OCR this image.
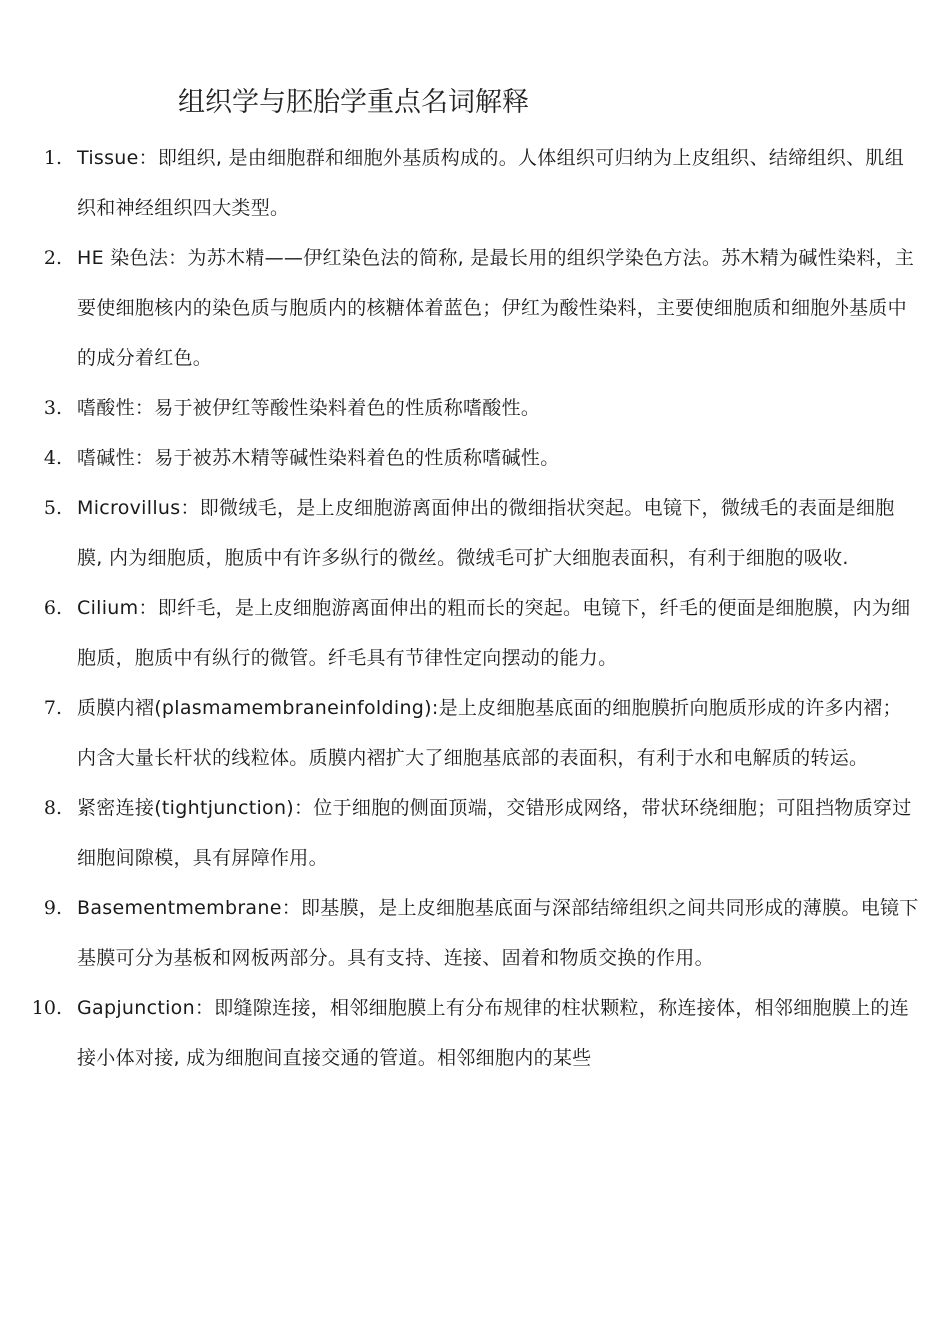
组织学与胚胎学重点名词解释
1. Tissue：即组织, 是由细胞群和细胞外基质构成的。人体组织可归纳为上皮组织、结缔组织、肌组织和神经组织四大类型。
2. HE 染色法：为苏木精——伊红染色法的简称, 是最长用的组织学染色方法。苏木精为碱性染料，主要使细胞核内的染色质与胞质内的核糖体着蓝色；伊红为酸性染料，主要使细胞质和细胞外基质中的成分着红色。
3. 嗜酸性：易于被伊红等酸性染料着色的性质称嗜酸性。
4. 嗜碱性：易于被苏木精等碱性染料着色的性质称嗜碱性。
5. Microvillus：即微绒毛，是上皮细胞游离面伸出的微细指状突起。电镜下，微绒毛的表面是细胞膜, 内为细胞质，胞质中有许多纵行的微丝。微绒毛可扩大细胞表面积，有利于细胞的吸收.
6. Cilium：即纤毛，是上皮细胞游离面伸出的粗而长的突起。电镜下，纤毛的便面是细胞膜，内为细胞质，胞质中有纵行的微管。纤毛具有节律性定向摆动的能力。
7. 质膜内褶(plasmamembraneinfolding):是上皮细胞基底面的细胞膜折向胞质形成的许多内褶；内含大量长杆状的线粒体。质膜内褶扩大了细胞基底部的表面积，有利于水和电解质的转运。
8. 紧密连接(tightjunction)：位于细胞的侧面顶端，交错形成网络，带状环绕细胞；可阻挡物质穿过细胞间隙模，具有屏障作用。
9. Basementmembrane：即基膜，是上皮细胞基底面与深部结缔组织之间共同形成的薄膜。电镜下基膜可分为基板和网板两部分。具有支持、连接、固着和物质交换的作用。
10. Gapjunction：即缝隙连接，相邻细胞膜上有分布规律的柱状颗粒，称连接体，相邻细胞膜上的连接小体对接, 成为细胞间直接交通的管道。相邻细胞内的某些
